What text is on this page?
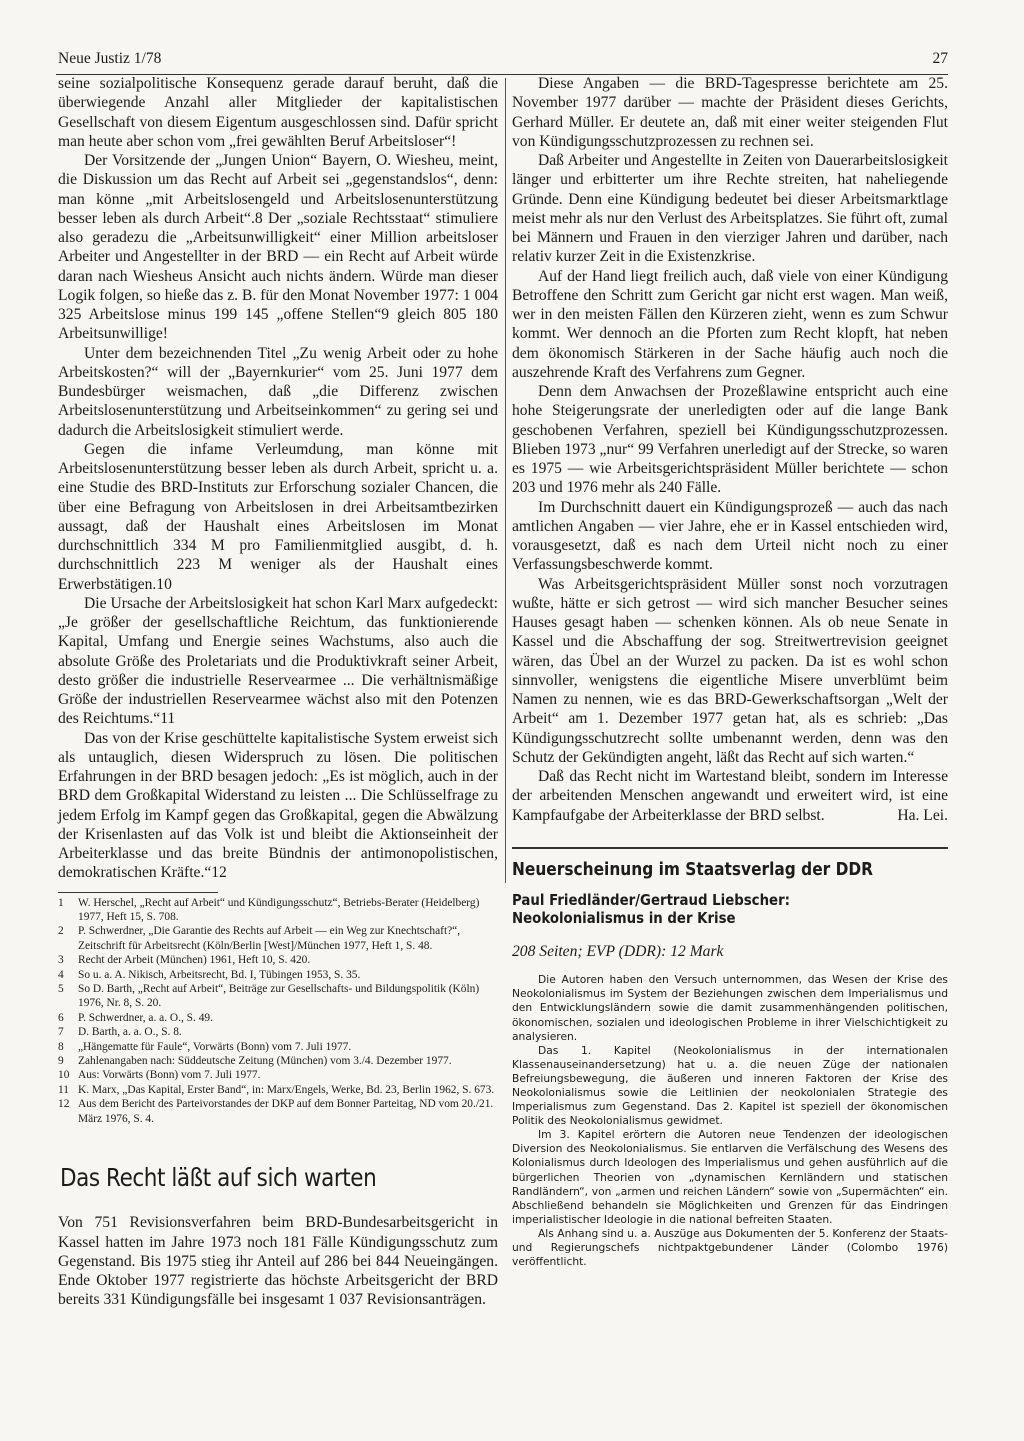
Neue Justiz 1/78	27

seine sozialpolitische Konsequenz gerade darauf beruht, daß die überwiegende Anzahl aller Mitglieder der kapitalistischen Gesellschaft von diesem Eigentum ausgeschlossen sind. Dafür spricht man heute aber schon vom „frei gewählten Beruf Arbeitsloser“!

Der Vorsitzende der „Jungen Union“ Bayern, O. Wiesheu, meint, die Diskussion um das Recht auf Arbeit sei „gegenstandslos“, denn: man könne „mit Arbeitslosengeld und Arbeitslosenunterstützung besser leben als durch Arbeit“.8 Der „soziale Rechtsstaat“ stimuliere also geradezu die „Arbeitsunwilligkeit“ einer Million arbeitsloser Arbeiter und Angestellter in der BRD — ein Recht auf Arbeit würde daran nach Wiesheus Ansicht auch nichts ändern. Würde man dieser Logik folgen, so hieße das z. B. für den Monat November 1977: 1 004 325 Arbeitslose minus 199 145 „offene Stellen“9 gleich 805 180 Arbeitsunwillige!

Unter dem bezeichnenden Titel „Zu wenig Arbeit oder zu hohe Arbeitskosten?“ will der „Bayernkurier“ vom 25. Juni 1977 dem Bundesbürger weismachen, daß „die Differenz zwischen Arbeitslosenunterstützung und Arbeitseinkommen“ zu gering sei und dadurch die Arbeitslosigkeit stimuliert werde.

Gegen die infame Verleumdung, man könne mit Arbeitslosenunterstützung besser leben als durch Arbeit, spricht u. a. eine Studie des BRD-Instituts zur Erforschung sozialer Chancen, die über eine Befragung von Arbeitslosen in drei Arbeitsamtbezirken aussagt, daß der Haushalt eines Arbeitslosen im Monat durchschnittlich 334 M pro Familienmitglied ausgibt, d. h. durchschnittlich 223 M weniger als der Haushalt eines Erwerbstätigen.10

Die Ursache der Arbeitslosigkeit hat schon Karl Marx aufgedeckt: „Je größer der gesellschaftliche Reichtum, das funktionierende Kapital, Umfang und Energie seines Wachstums, also auch die absolute Größe des Proletariats und die Produktivkraft seiner Arbeit, desto größer die industrielle Reservearmee ... Die verhältnismäßige Größe der industriellen Reservearmee wächst also mit den Potenzen des Reichtums.“11

Das von der Krise geschüttelte kapitalistische System erweist sich als untauglich, diesen Widerspruch zu lösen. Die politischen Erfahrungen in der BRD besagen jedoch: „Es ist möglich, auch in der BRD dem Großkapital Widerstand zu leisten ... Die Schlüsselfrage zu jedem Erfolg im Kampf gegen das Großkapital, gegen die Abwälzung der Krisenlasten auf das Volk ist und bleibt die Aktionseinheit der Arbeiterklasse und das breite Bündnis der antimonopolistischen, demokratischen Kräfte.“12

1	W. Herschel, „Recht auf Arbeit“ und Kündigungsschutz“, Betriebs-Berater (Heidelberg) 1977, Heft 15, S. 708.
2	P. Schwerdner, „Die Garantie des Rechts auf Arbeit — ein Weg zur Knechtschaft?“, Zeitschrift für Arbeitsrecht (Köln/Berlin [West]/München 1977, Heft 1, S. 48.
3	Recht der Arbeit (München) 1961, Heft 10, S. 420.
4	So u. a. A. Nikisch, Arbeitsrecht, Bd. I, Tübingen 1953, S. 35.
5	So D. Barth, „Recht auf Arbeit“, Beiträge zur Gesellschafts- und Bildungspolitik (Köln) 1976, Nr. 8, S. 20.
6	P. Schwerdner, a. a. O., S. 49.
7	D. Barth, a. a. O., S. 8.
8	„Hängematte für Faule“, Vorwärts (Bonn) vom 7. Juli 1977.
9	Zahlenangaben nach: Süddeutsche Zeitung (München) vom 3./4. Dezember 1977.
10 Aus: Vorwärts (Bonn) vom 7. Juli 1977.
11 K. Marx, „Das Kapital, Erster Band“, in: Marx/Engels, Werke, Bd. 23, Berlin 1962, S. 673.
12 Aus dem Bericht des Parteivorstandes der DKP auf dem Bonner Parteitag, ND vom 20./21. März 1976, S. 4.
Das Recht läßt auf sich warten

Von 751 Revisionsverfahren beim BRD-Bundesarbeitsgericht in Kassel hatten im Jahre 1973 noch 181 Fälle Kündigungsschutz zum Gegenstand. Bis 1975 stieg ihr Anteil auf 286 bei 844 Neueingängen. Ende Oktober 1977 registrierte das höchste Arbeitsgericht der BRD bereits 331 Kündigungsfälle bei insgesamt 1 037 Revisionsanträgen.

Diese Angaben — die BRD-Tagespresse berichtete am 25. November 1977 darüber — machte der Präsident dieses Gerichts, Gerhard Müller. Er deutete an, daß mit einer weiter steigenden Flut von Kündigungsschutzprozessen zu rechnen sei.

Daß Arbeiter und Angestellte in Zeiten von Dauerarbeitslosigkeit länger und erbitterter um ihre Rechte streiten, hat naheliegende Gründe. Denn eine Kündigung bedeutet bei dieser Arbeitsmarktlage meist mehr als nur den Verlust des Arbeitsplatzes. Sie führt oft, zumal bei Männern und Frauen in den vierziger Jahren und darüber, nach relativ kurzer Zeit in die Existenzkrise.

Auf der Hand liegt freilich auch, daß viele von einer Kündigung Betroffene den Schritt zum Gericht gar nicht erst wagen. Man weiß, wer in den meisten Fällen den Kürzeren zieht, wenn es zum Schwur kommt. Wer dennoch an die Pforten zum Recht klopft, hat neben dem ökonomisch Stärkeren in der Sache häufig auch noch die auszehrende Kraft des Verfahrens zum Gegner.

Denn dem Anwachsen der Prozeßlawine entspricht auch eine hohe Steigerungsrate der unerledigten oder auf die lange Bank geschobenen Verfahren, speziell bei Kündigungsschutzprozessen. Blieben 1973 „nur“ 99 Verfahren unerledigt auf der Strecke, so waren es 1975 — wie Arbeitsgerichtspräsident Müller berichtete — schon 203 und 1976 mehr als 240 Fälle.

Im Durchschnitt dauert ein Kündigungsprozeß — auch das nach amtlichen Angaben — vier Jahre, ehe er in Kassel entschieden wird, vorausgesetzt, daß es nach dem Urteil nicht noch zu einer Verfassungsbeschwerde kommt.

Was Arbeitsgerichtspräsident Müller sonst noch vorzutragen wußte, hätte er sich getrost — wird sich mancher Besucher seines Hauses gesagt haben — schenken können. Als ob neue Senate in Kassel und die Abschaffung der sog. Streitwertrevision geeignet wären, das Übel an der Wurzel zu packen. Da ist es wohl schon sinnvoller, wenigstens die eigentliche Misere unverblümt beim Namen zu nennen, wie es das BRD-Gewerkschaftsorgan „Welt der Arbeit“ am 1. Dezember 1977 getan hat, als es schrieb: „Das Kündigungsschutzrecht sollte umbenannt werden, denn was den Schutz der Gekündigten angeht, läßt das Recht auf sich warten.“

Daß das Recht nicht im Wartestand bleibt, sondern im Interesse der arbeitenden Menschen angewandt und erweitert wird, ist eine Kampfaufgabe der Arbeiterklasse der BRD selbst.	Ha. Lei.

Neuerscheinung im Staatsverlag der DDR
Paul Friedländer/Gertraud Liebscher:
Neokolonialismus in der Krise
208 Seiten; EVP (DDR): 12 Mark

Die Autoren haben den Versuch unternommen, das Wesen der Krise des Neokolonialismus im System der Beziehungen zwischen dem Imperialismus und den Entwicklungsländern sowie die damit zusammenhängenden politischen, ökonomischen, sozialen und ideologischen Probleme in ihrer Vielschichtigkeit zu analysieren.

Das 1. Kapitel (Neokolonialismus in der internationalen Klassenauseinandersetzung) hat u. a. die neuen Züge der nationalen Befreiungsbewegung, die äußeren und inneren Faktoren der Krise des Neokolonialismus sowie die Leitlinien der neokolonialen Strategie des Imperialismus zum Gegenstand. Das 2. Kapitel ist speziell der ökonomischen Politik des Neokolonialismus gewidmet.

Im 3. Kapitel erörtern die Autoren neue Tendenzen der ideologischen Diversion des Neokolonialismus. Sie entlarven die Verfälschung des Wesens des Kolonialismus durch Ideologen des Imperialismus und gehen ausführlich auf die bürgerlichen Theorien von „dynamischen Kernländern und statischen Randländern“, von „armen und reichen Ländern“ sowie von „Supermächten“ ein. Abschließend behandeln sie Möglichkeiten und Grenzen für das Eindringen imperialistischer Ideologie in die national befreiten Staaten.

Als Anhang sind u. a. Auszüge aus Dokumenten der 5. Konferenz der Staats- und Regierungschefs nichtpaktgebundener Länder (Colombo 1976) veröffentlicht.
